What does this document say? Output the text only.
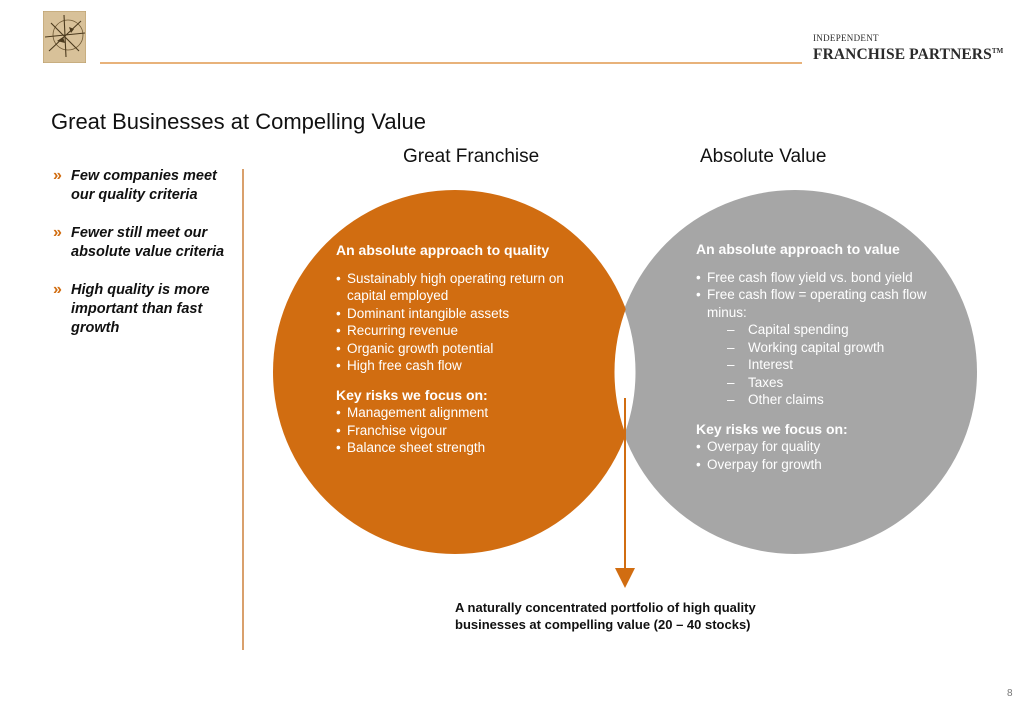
INDEPENDENT
FRANCHISE PARTNERS™
Great Businesses at Compelling Value
» Few companies meet our quality criteria
» Fewer still meet our absolute value criteria
» High quality is more important than fast growth
Great Franchise	Absolute Value
An absolute approach to quality
• Sustainably high operating return on capital employed
• Dominant intangible assets
• Recurring revenue
• Organic growth potential
• High free cash flow
Key risks we focus on:
• Management alignment
• Franchise vigour
• Balance sheet strength
An absolute approach to value
• Free cash flow yield vs. bond yield
• Free cash flow = operating cash flow minus:
– Capital spending
– Working capital growth
– Interest
– Taxes
– Other claims
Key risks we focus on:
• Overpay for quality
• Overpay for growth
A naturally concentrated portfolio of high quality
businesses at compelling value (20 – 40 stocks)
8
